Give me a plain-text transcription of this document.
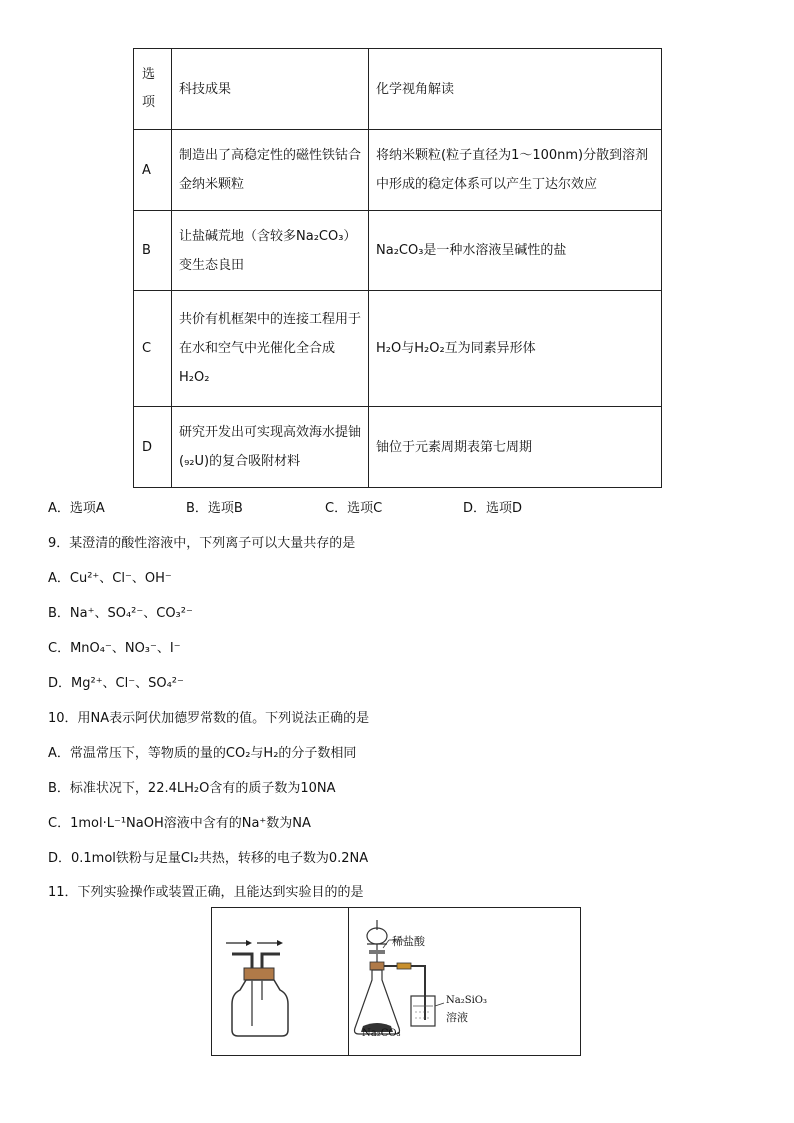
选项	科技成果	化学视角解读
A	制造出了高稳定性的磁性铁钴合金纳米颗粒	将纳米颗粒(粒子直径为1～100nm)分散到溶剂中形成的稳定体系可以产生丁达尔效应
B	让盐碱荒地（含较多Na₂CO₃）变生态良田	Na₂CO₃是一种水溶液呈碱性的盐
C	共价有机框架中的连接工程用于在水和空气中光催化全合成H₂O₂	H₂O与H₂O₂互为同素异形体
D	研究开发出可实现高效海水提铀(₉₂U)的复合吸附材料	铀位于元素周期表第七周期
A．选项A	B．选项B	C．选项C	D．选项D
9．某澄清的酸性溶液中，下列离子可以大量共存的是
A．Cu²⁺、Cl⁻、OH⁻
B．Na⁺、SO₄²⁻、CO₃²⁻
C．MnO₄⁻、NO₃⁻、I⁻
D．Mg²⁺、Cl⁻、SO₄²⁻
10．用NA表示阿伏加德罗常数的值。下列说法正确的是
A．常温常压下，等物质的量的CO₂与H₂的分子数相同
B．标准状况下，22.4LH₂O含有的质子数为10NA
C．1mol·L⁻¹NaOH溶液中含有的Na⁺数为NA
D．0.1mol铁粉与足量Cl₂共热，转移的电子数为0.2NA
11．下列实验操作或装置正确，且能达到实验目的的是
稀盐酸
Na₂SiO₃
溶液
Na₂CO₃
